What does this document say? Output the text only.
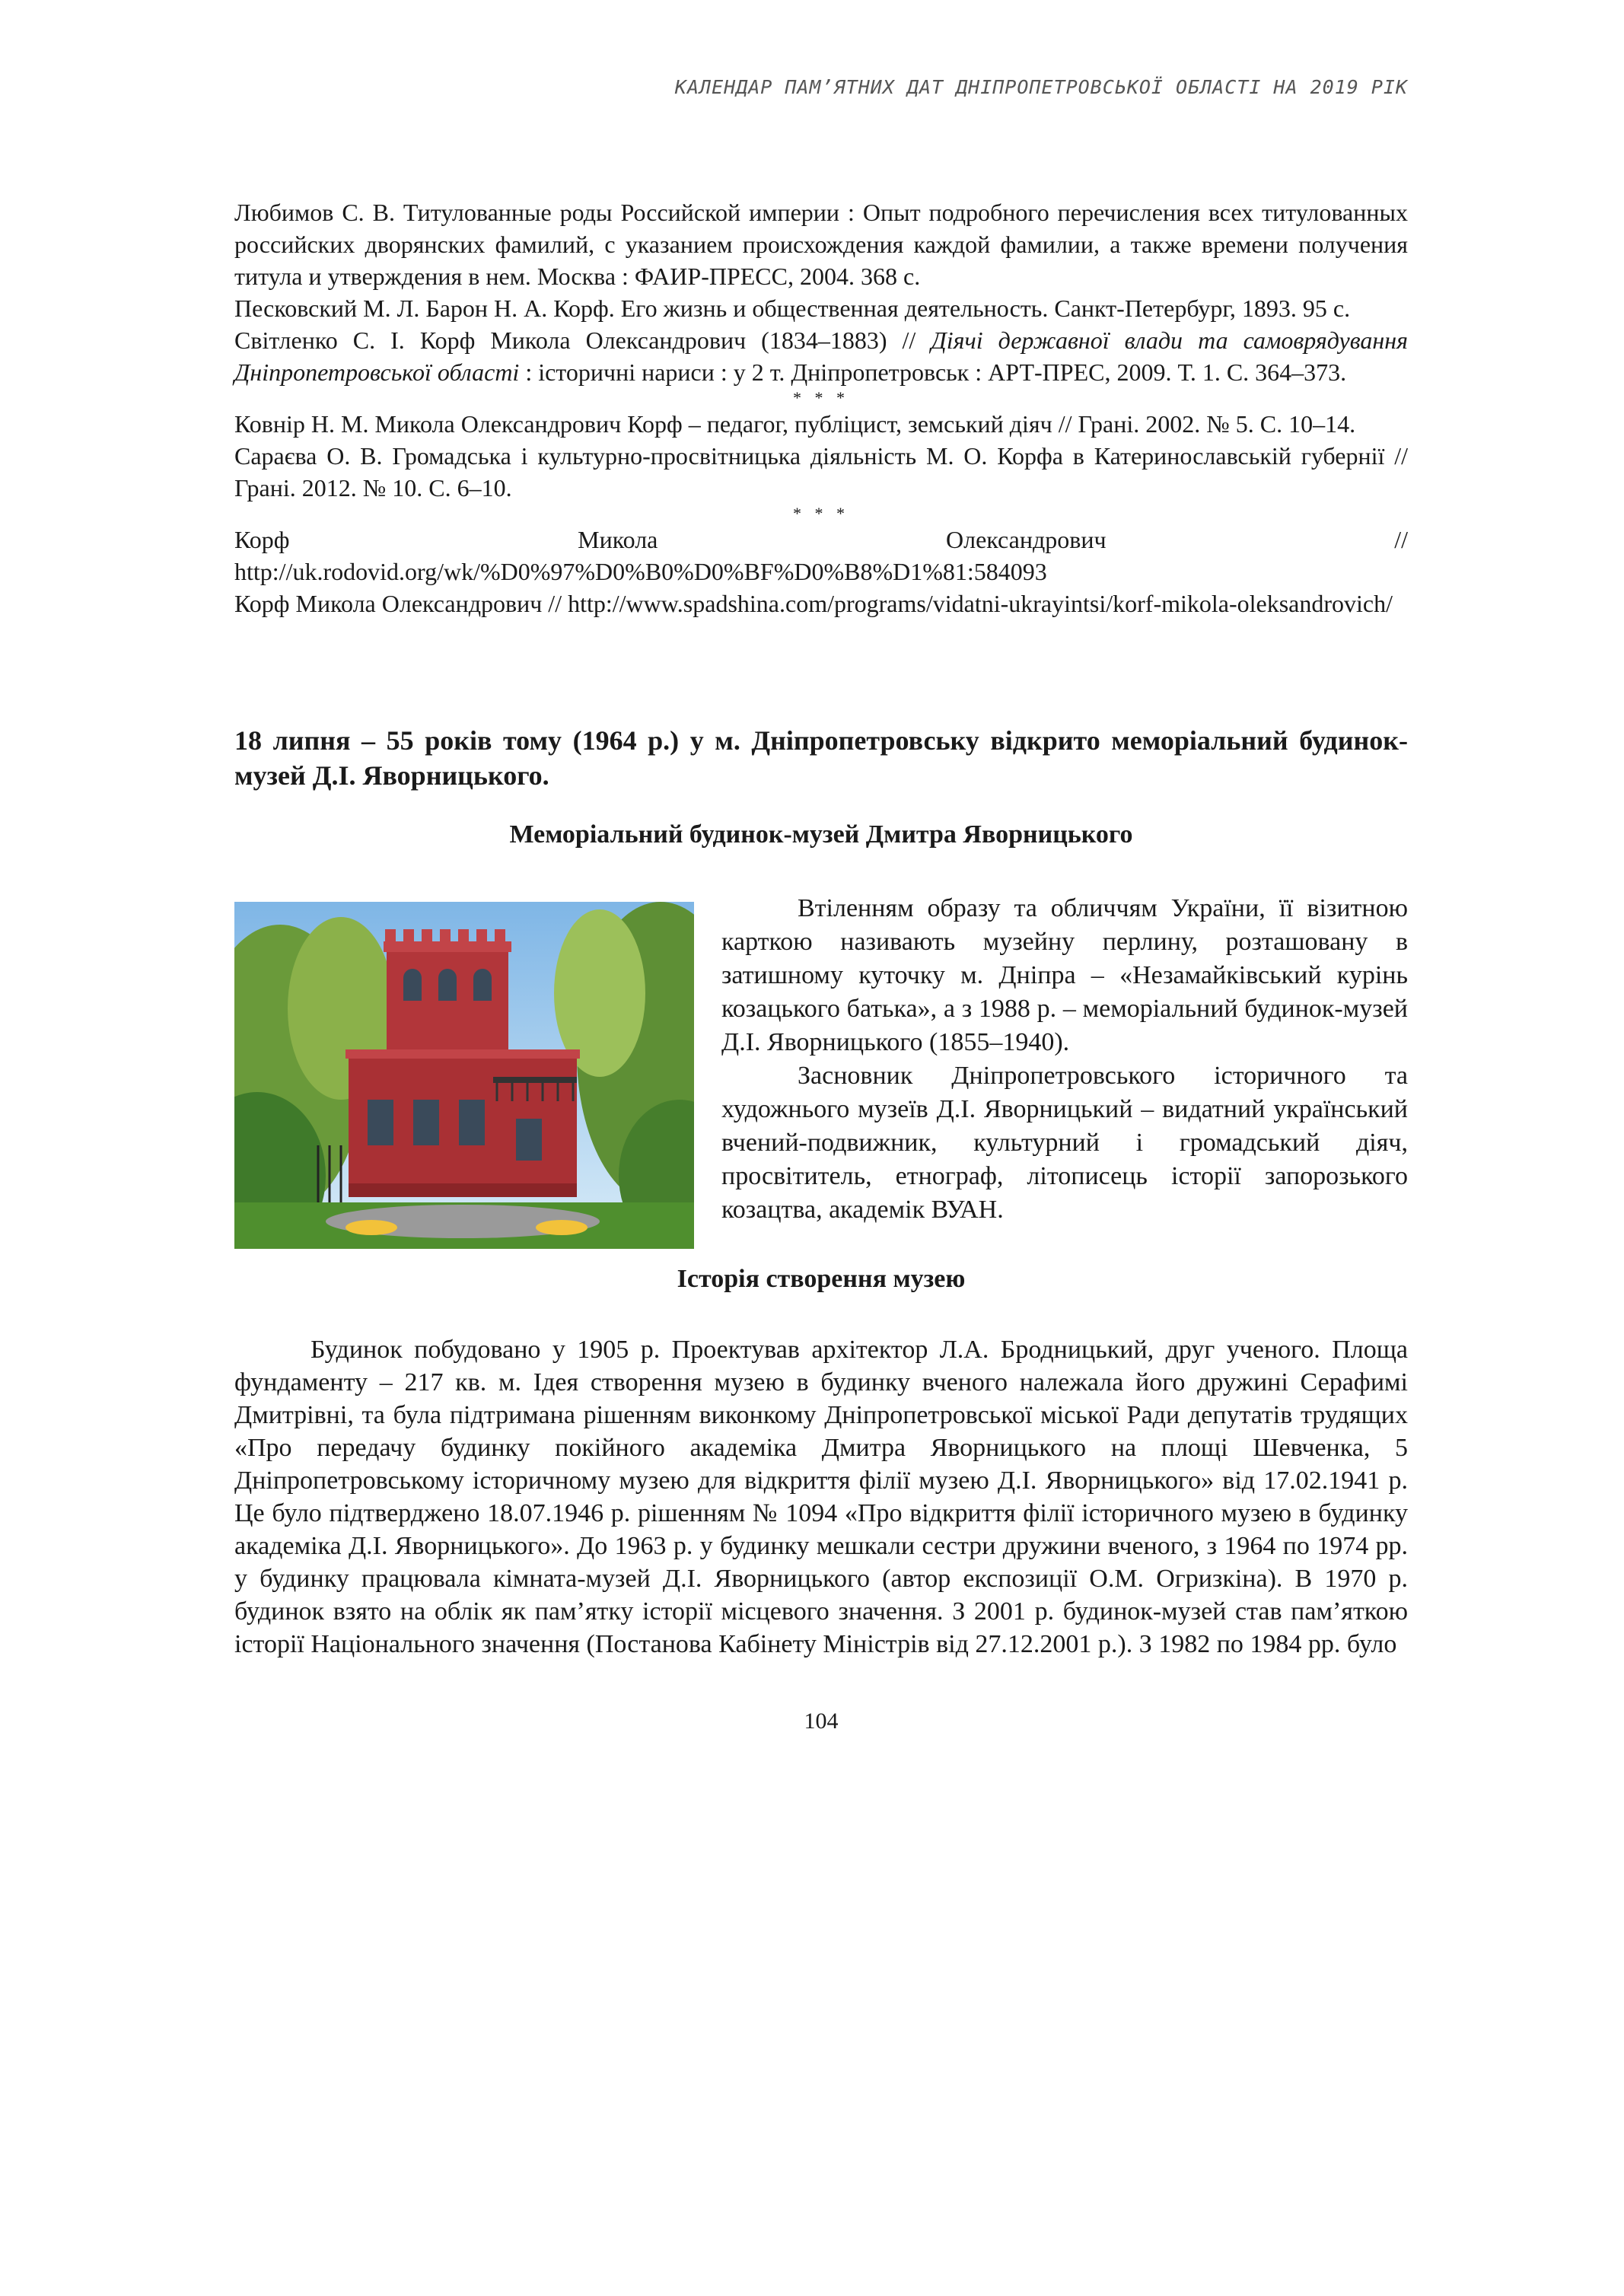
КАЛЕНДАР ПАМ’ЯТНИХ ДАТ ДНІПРОПЕТРОВСЬКОЇ ОБЛАСТІ НА 2019 РІК

Любимов С. В. Титулованные роды Российской империи : Опыт подробного перечисления всех титулованных российских дворянских фамилий, с указанием происхождения каждой фамилии, а также времени получения титула и утверждения в нем. Москва : ФАИР-ПРЕСС, 2004. 368 с.

Песковский М. Л. Барон Н. А. Корф. Его жизнь и общественная деятельность. Санкт-Петербург, 1893. 95 с.

Світленко С. І. Корф Микола Олександрович (1834–1883) // Діячі державної влади та самоврядування Дніпропетровської області : історичні нариси : у 2 т. Дніпропетровськ : АРТ-ПРЕС, 2009. Т. 1. С. 364–373.

* * *

Ковнір Н. М. Микола Олександрович Корф – педагог, публіцист, земський діяч // Грані. 2002. № 5. С. 10–14.

Сараєва О. В. Громадська і культурно-просвітницька діяльність М. О. Корфа в Катеринославській губернії // Грані. 2012. № 10. С. 6–10.

* * *

Корф	Микола	Олександрович	//

http://uk.rodovid.org/wk/%D0%97%D0%B0%D0%BF%D0%B8%D1%81:584093

Корф Микола Олександрович // http://www.spadshina.com/programs/vidatni-ukrayintsi/korf-mikola-oleksandrovich/

18 липня – 55 років тому (1964 р.) у м. Дніпропетровську відкрито меморіальний будинок-музей Д.І. Яворницького.

Меморіальний будинок-музей Дмитра Яворницького

Втіленням образу та обличчям України, її візитною карткою називають музейну перлину, розташовану в затишному куточку м. Дніпра – «Незамайківський курінь козацького батька», а з 1988 р. – меморіальний будинок-музей Д.І. Яворницького (1855–1940).

Засновник Дніпропетровського історичного та художнього музеїв Д.І. Яворницький – видатний український вчений-подвижник, культурний і громадський діяч, просвітитель, етнограф, літописець історії запорозького козацтва, академік ВУАН.

Історія створення музею

Будинок побудовано у 1905 р. Проектував архітектор Л.А. Бродницький, друг ученого. Площа фундаменту – 217 кв. м. Ідея створення музею в будинку вченого належала його дружині Серафимі Дмитрівні, та була підтримана рішенням виконкому Дніпропетровської міської Ради депутатів трудящих «Про передачу будинку покійного академіка Дмитра Яворницького на площі Шевченка, 5 Дніпропетровському історичному музею для відкриття філії музею Д.І. Яворницького» від 17.02.1941 р. Це було підтверджено 18.07.1946 р. рішенням № 1094 «Про відкриття філії історичного музею в будинку академіка Д.І. Яворницького». До 1963 р. у будинку мешкали сестри дружини вченого, з 1964 по 1974 рр. у будинку працювала кімната-музей Д.І. Яворницького (автор експозиції О.М. Огризкіна). В 1970 р. будинок взято на облік як пам’ятку історії місцевого значення. З 2001 р. будинок-музей став пам’яткою історії Національного значення (Постанова Кабінету Міністрів від 27.12.2001 р.). З 1982 по 1984 рр. було

104
